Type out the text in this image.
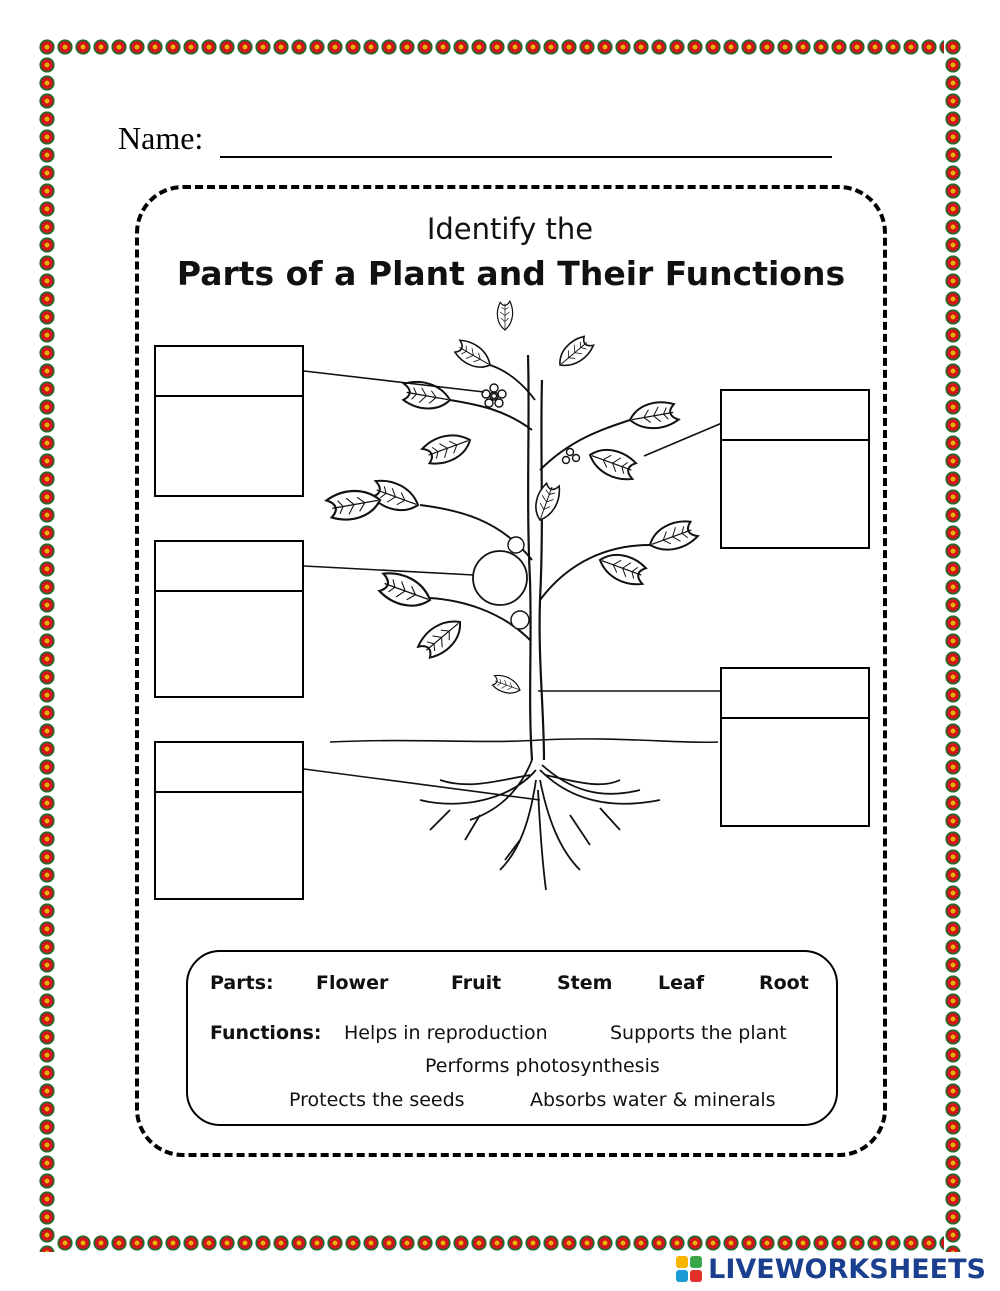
Name:
Identify the
Parts of a Plant and Their Functions
Parts: Flower	Fruit	Stem Leaf	Root
Functions: Helps in reproduction	Supports the plant
Performs photosynthesis
Protects the seeds	Absorbs water & minerals
LIVEWORKSHEETS
